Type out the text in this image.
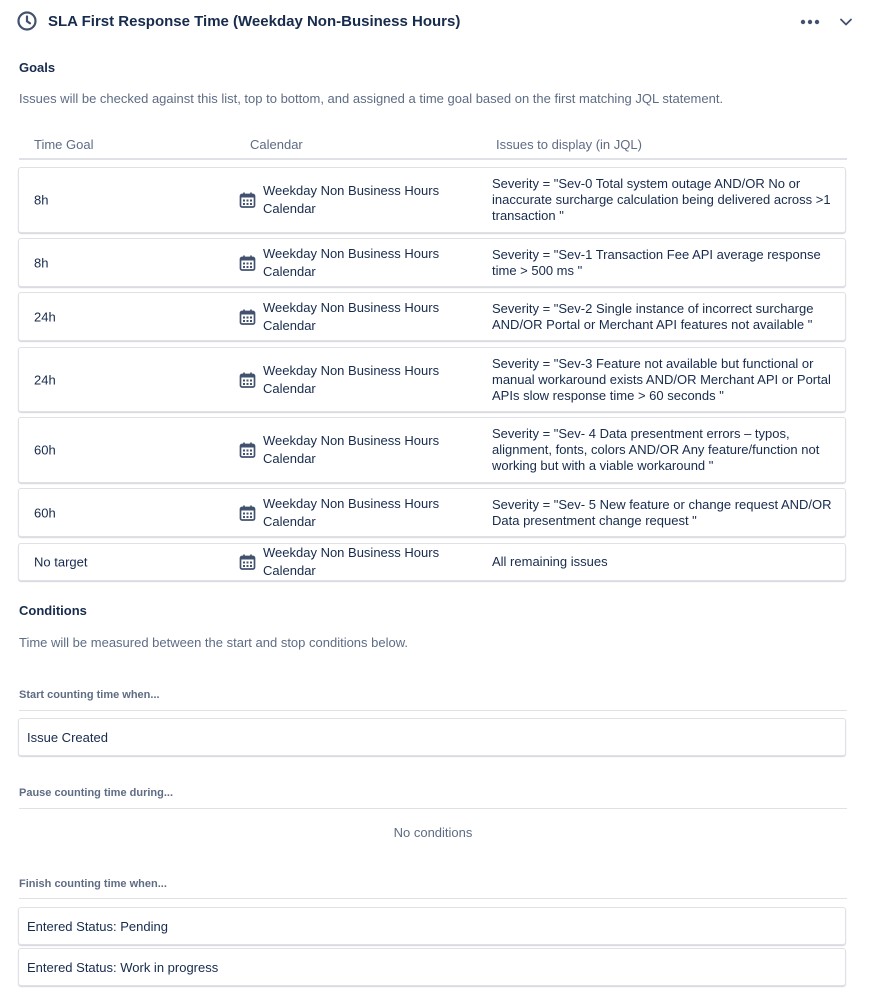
SLA First Response Time (Weekday Non-Business Hours)
Goals
Issues will be checked against this list, top to bottom, and assigned a time goal based on the first matching JQL statement.
Time Goal	Calendar	Issues to display (in JQL)
8h
Weekday Non Business Hours Calendar
Severity = "Sev-0 Total system outage AND/OR No or inaccurate surcharge calculation being delivered across >1 transaction "
8h
Weekday Non Business Hours Calendar
Severity = "Sev-1 Transaction Fee API average response time > 500 ms "
24h
Weekday Non Business Hours Calendar
Severity = "Sev-2 Single instance of incorrect surcharge AND/OR Portal or Merchant API features not available "
24h
Weekday Non Business Hours Calendar
Severity = "Sev-3 Feature not available but functional or manual workaround exists AND/OR Merchant API or Portal APIs slow response time > 60 seconds "
60h
Weekday Non Business Hours Calendar
Severity = "Sev- 4 Data presentment errors – typos, alignment, fonts, colors AND/OR Any feature/function not working but with a viable workaround "
60h
Weekday Non Business Hours Calendar
Severity = "Sev- 5 New feature or change request AND/OR Data presentment change request "
No target
Weekday Non Business Hours Calendar
All remaining issues
Conditions
Time will be measured between the start and stop conditions below.
Start counting time when...
Issue Created
Pause counting time during...
No conditions
Finish counting time when...
Entered Status: Pending
Entered Status: Work in progress
